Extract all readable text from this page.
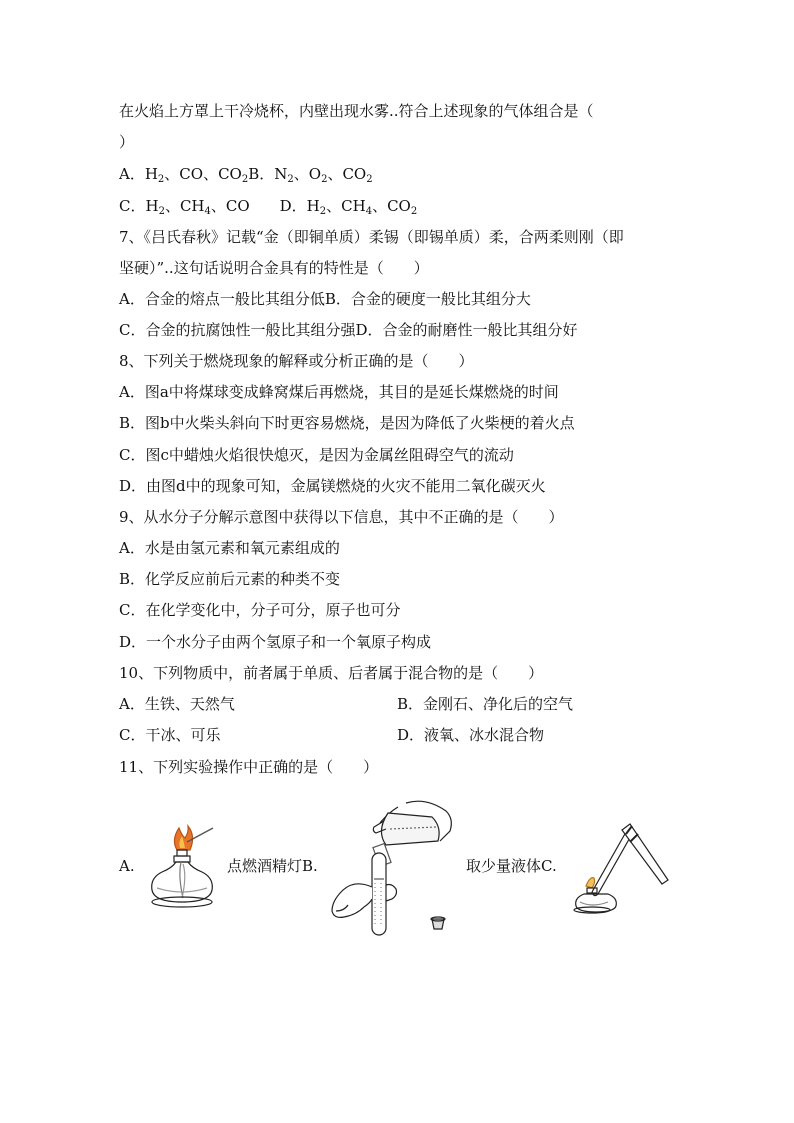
在火焰上方罩上干冷烧杯，内壁出现水雾..符合上述现象的气体组合是（
）
A．$H_2$、CO、$CO_2B$．$N_2$、$O_2$、$CO_2$
C．$H_2$、$CH_4$、CO　　D．$H_2$、$CH_4$、$CO_2$
7、《吕氏春秋》记载“金（即铜单质）柔锡（即锡单质）柔，合两柔则刚（即
坚硬）”..这句话说明合金具有的特性是（　　）
A．合金的熔点一般比其组分低B．合金的硬度一般比其组分大
C．合金的抗腐蚀性一般比其组分强D．合金的耐磨性一般比其组分好
8、下列关于燃烧现象的解释或分析正确的是（　　）
A．图a中将煤球变成蜂窝煤后再燃烧，其目的是延长煤燃烧的时间
B．图b中火柴头斜向下时更容易燃烧，是因为降低了火柴梗的着火点
C．图c中蜡烛火焰很快熄灭，是因为金属丝阻碍空气的流动
D．由图d中的现象可知，金属镁燃烧的火灾不能用二氧化碳灭火
9、从水分子分解示意图中获得以下信息，其中不正确的是（　　）
A．水是由氢元素和氧元素组成的
B．化学反应前后元素的种类不变
C．在化学变化中，分子可分，原子也可分
D．一个水分子由两个氢原子和一个氧原子构成
10、下列物质中，前者属于单质、后者属于混合物的是（　　）
A．生铁、天然气	B．金刚石、净化后的空气
C．干冰、可乐	D．液氧、冰水混合物
11、下列实验操作中正确的是（　　）
A.	点燃酒精灯B.	取少量液体C.
